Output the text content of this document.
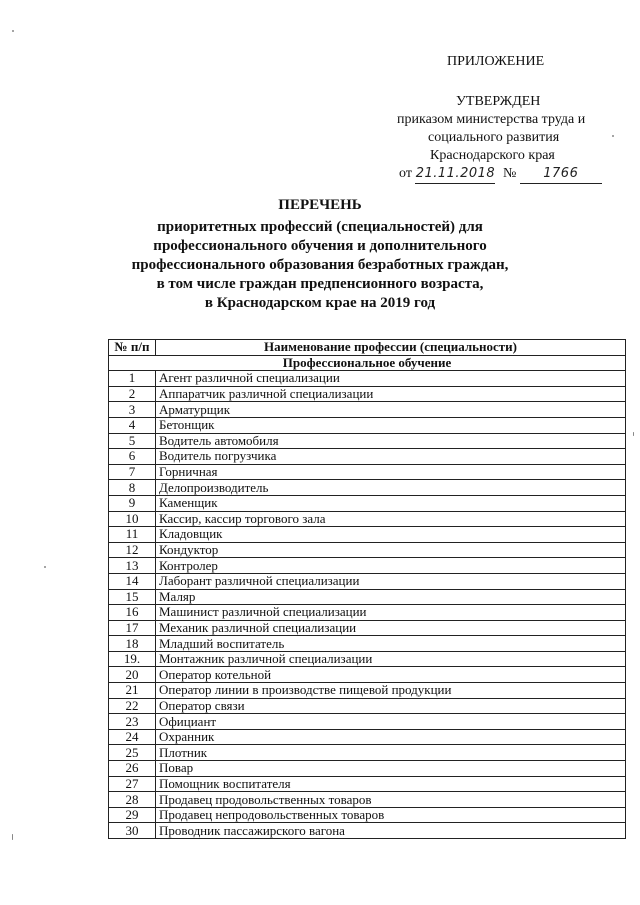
ПРИЛОЖЕНИЕ
УТВЕРЖДЕН
приказом министерства труда и
социального развития
Краснодарского края
от 21.11.2018 № 1766
ПЕРЕЧЕНЬ
приоритетных профессий (специальностей) для
профессионального обучения и дополнительного
профессионального образования безработных граждан,
в том числе граждан предпенсионного возраста,
в Краснодарском крае на 2019 год
№ п/п	Наименование профессии (специальности)
Профессиональное обучение	
1	Агент различной специализации
2	Аппаратчик различной специализации
3	Арматурщик
4	Бетонщик
5	Водитель автомобиля
6	Водитель погрузчика
7	Горничная
8	Делопроизводитель
9	Каменщик
10	Кассир, кассир торгового зала
11	Кладовщик
12	Кондуктор
13	Контролер
14	Лаборант различной специализации
15	Маляр
16	Машинист различной специализации
17	Механик различной специализации
18	Младший воспитатель
19.	Монтажник различной специализации
20	Оператор котельной
21	Оператор линии в производстве пищевой продукции
22	Оператор связи
23	Официант
24	Охранник
25	Плотник
26	Повар
27	Помощник воспитателя
28	Продавец продовольственных товаров
29	Продавец непродовольственных товаров
30	Проводник пассажирского вагона
